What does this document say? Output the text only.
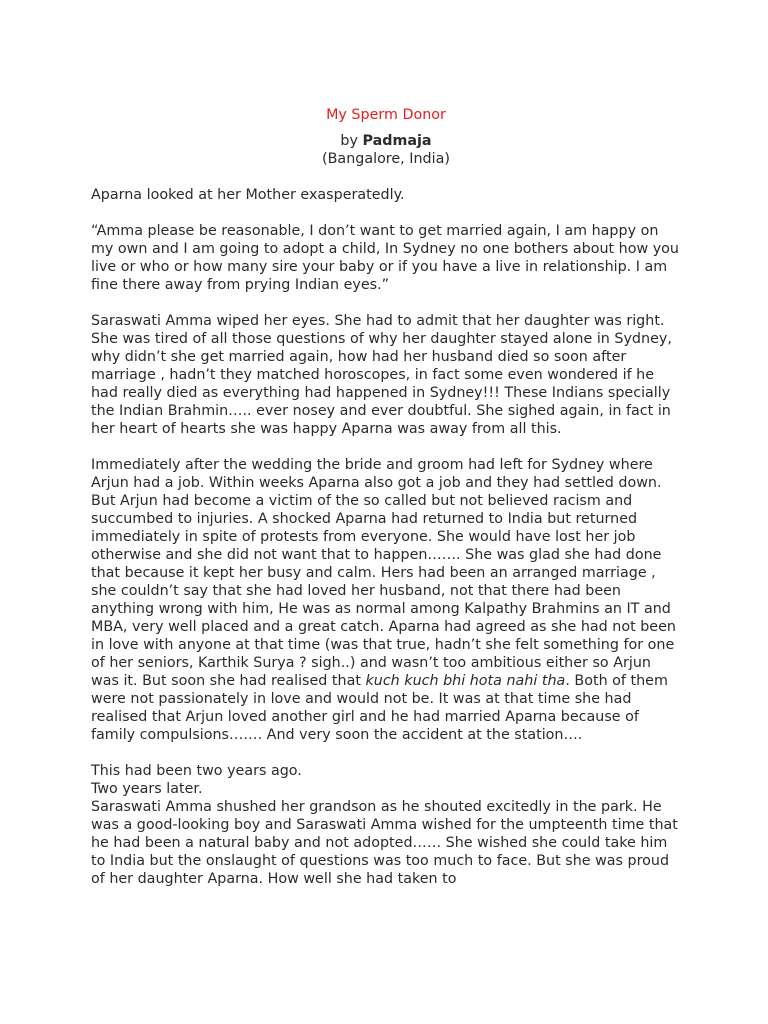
My Sperm Donor
by Padmaja
(Bangalore, India)

Aparna looked at her Mother exasperatedly.

“Amma please be reasonable, I don’t want to get married again, I am happy on my own and I am going to adopt a child, In Sydney no one bothers about how you live or who or how many sire your baby or if you have a live in relationship. I am fine there away from prying Indian eyes.”

Saraswati Amma wiped her eyes. She had to admit that her daughter was right. She was tired of all those questions of why her daughter stayed alone in Sydney, why didn’t she get married again, how had her husband died so soon after marriage , hadn’t they matched horoscopes, in fact some even wondered if he had really died as everything had happened in Sydney!!! These Indians specially the Indian Brahmin….. ever nosey and ever doubtful. She sighed again, in fact in her heart of hearts she was happy Aparna was away from all this.

Immediately after the wedding the bride and groom had left for Sydney where Arjun had a job. Within weeks Aparna also got a job and they had settled down. But Arjun had become a victim of the so called but not believed racism and succumbed to injuries. A shocked Aparna had returned to India but returned immediately in spite of protests from everyone. She would have lost her job otherwise and she did not want that to happen……. She was glad she had done that because it kept her busy and calm. Hers had been an arranged marriage , she couldn’t say that she had loved her husband, not that there had been anything wrong with him, He was as normal among Kalpathy Brahmins an IT and MBA, very well placed and a great catch. Aparna had agreed as she had not been in love with anyone at that time (was that true, hadn’t she felt something for one of her seniors, Karthik Surya ? sigh..) and wasn’t too ambitious either so Arjun was it. But soon she had realised that kuch kuch bhi hota nahi tha. Both of them were not passionately in love and would not be. It was at that time she had realised that Arjun loved another girl and he had married Aparna because of family compulsions……. And very soon the accident at the station….

This had been two years ago.

Two years later.

Saraswati Amma shushed her grandson as he shouted excitedly in the park. He was a good-looking boy and Saraswati Amma wished for the umpteenth time that he had been a natural baby and not adopted…… She wished she could take him to India but the onslaught of questions was too much to face. But she was proud of her daughter Aparna. How well she had taken to
